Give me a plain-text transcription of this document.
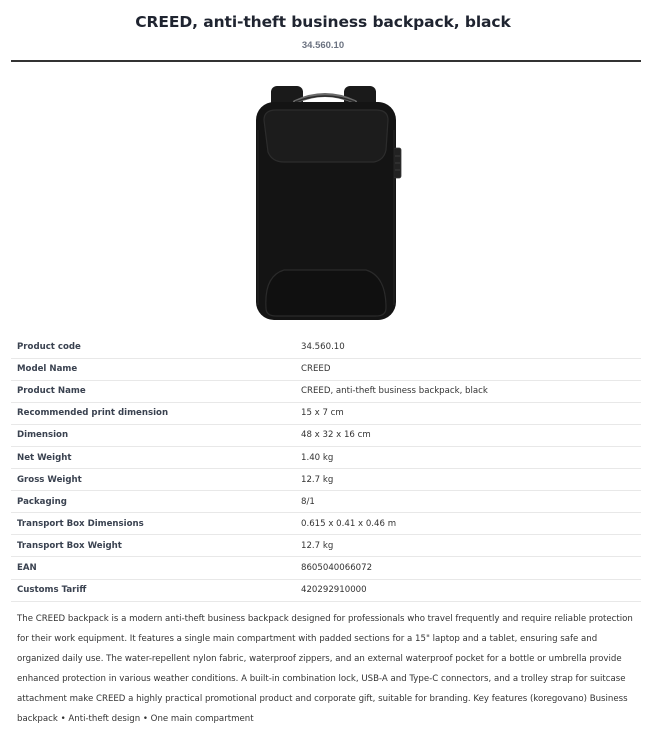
CREED, anti-theft business backpack, black
34.560.10
Product code	34.560.10
Model Name	CREED
Product Name	CREED, anti-theft business backpack, black
Recommended print dimension	15 x 7 cm
Dimension	48 x 32 x 16 cm
Net Weight	1.40 kg
Gross Weight	12.7 kg
Packaging	8/1
Transport Box Dimensions	0.615 x 0.41 x 0.46 m
Transport Box Weight	12.7 kg
EAN	8605040066072
Customs Tariff	420292910000

The CREED backpack is a modern anti-theft business backpack designed for professionals who travel frequently and require reliable protection for their work equipment. It features a single main compartment with padded sections for a 15" laptop and a tablet, ensuring safe and organized daily use. The water-repellent nylon fabric, waterproof zippers, and an external waterproof pocket for a bottle or umbrella provide enhanced protection in various weather conditions. A built-in combination lock, USB-A and Type-C connectors, and a trolley strap for suitcase attachment make CREED a highly practical promotional product and corporate gift, suitable for branding. Key features (koregovano) Business backpack • Anti-theft design • One main compartment
